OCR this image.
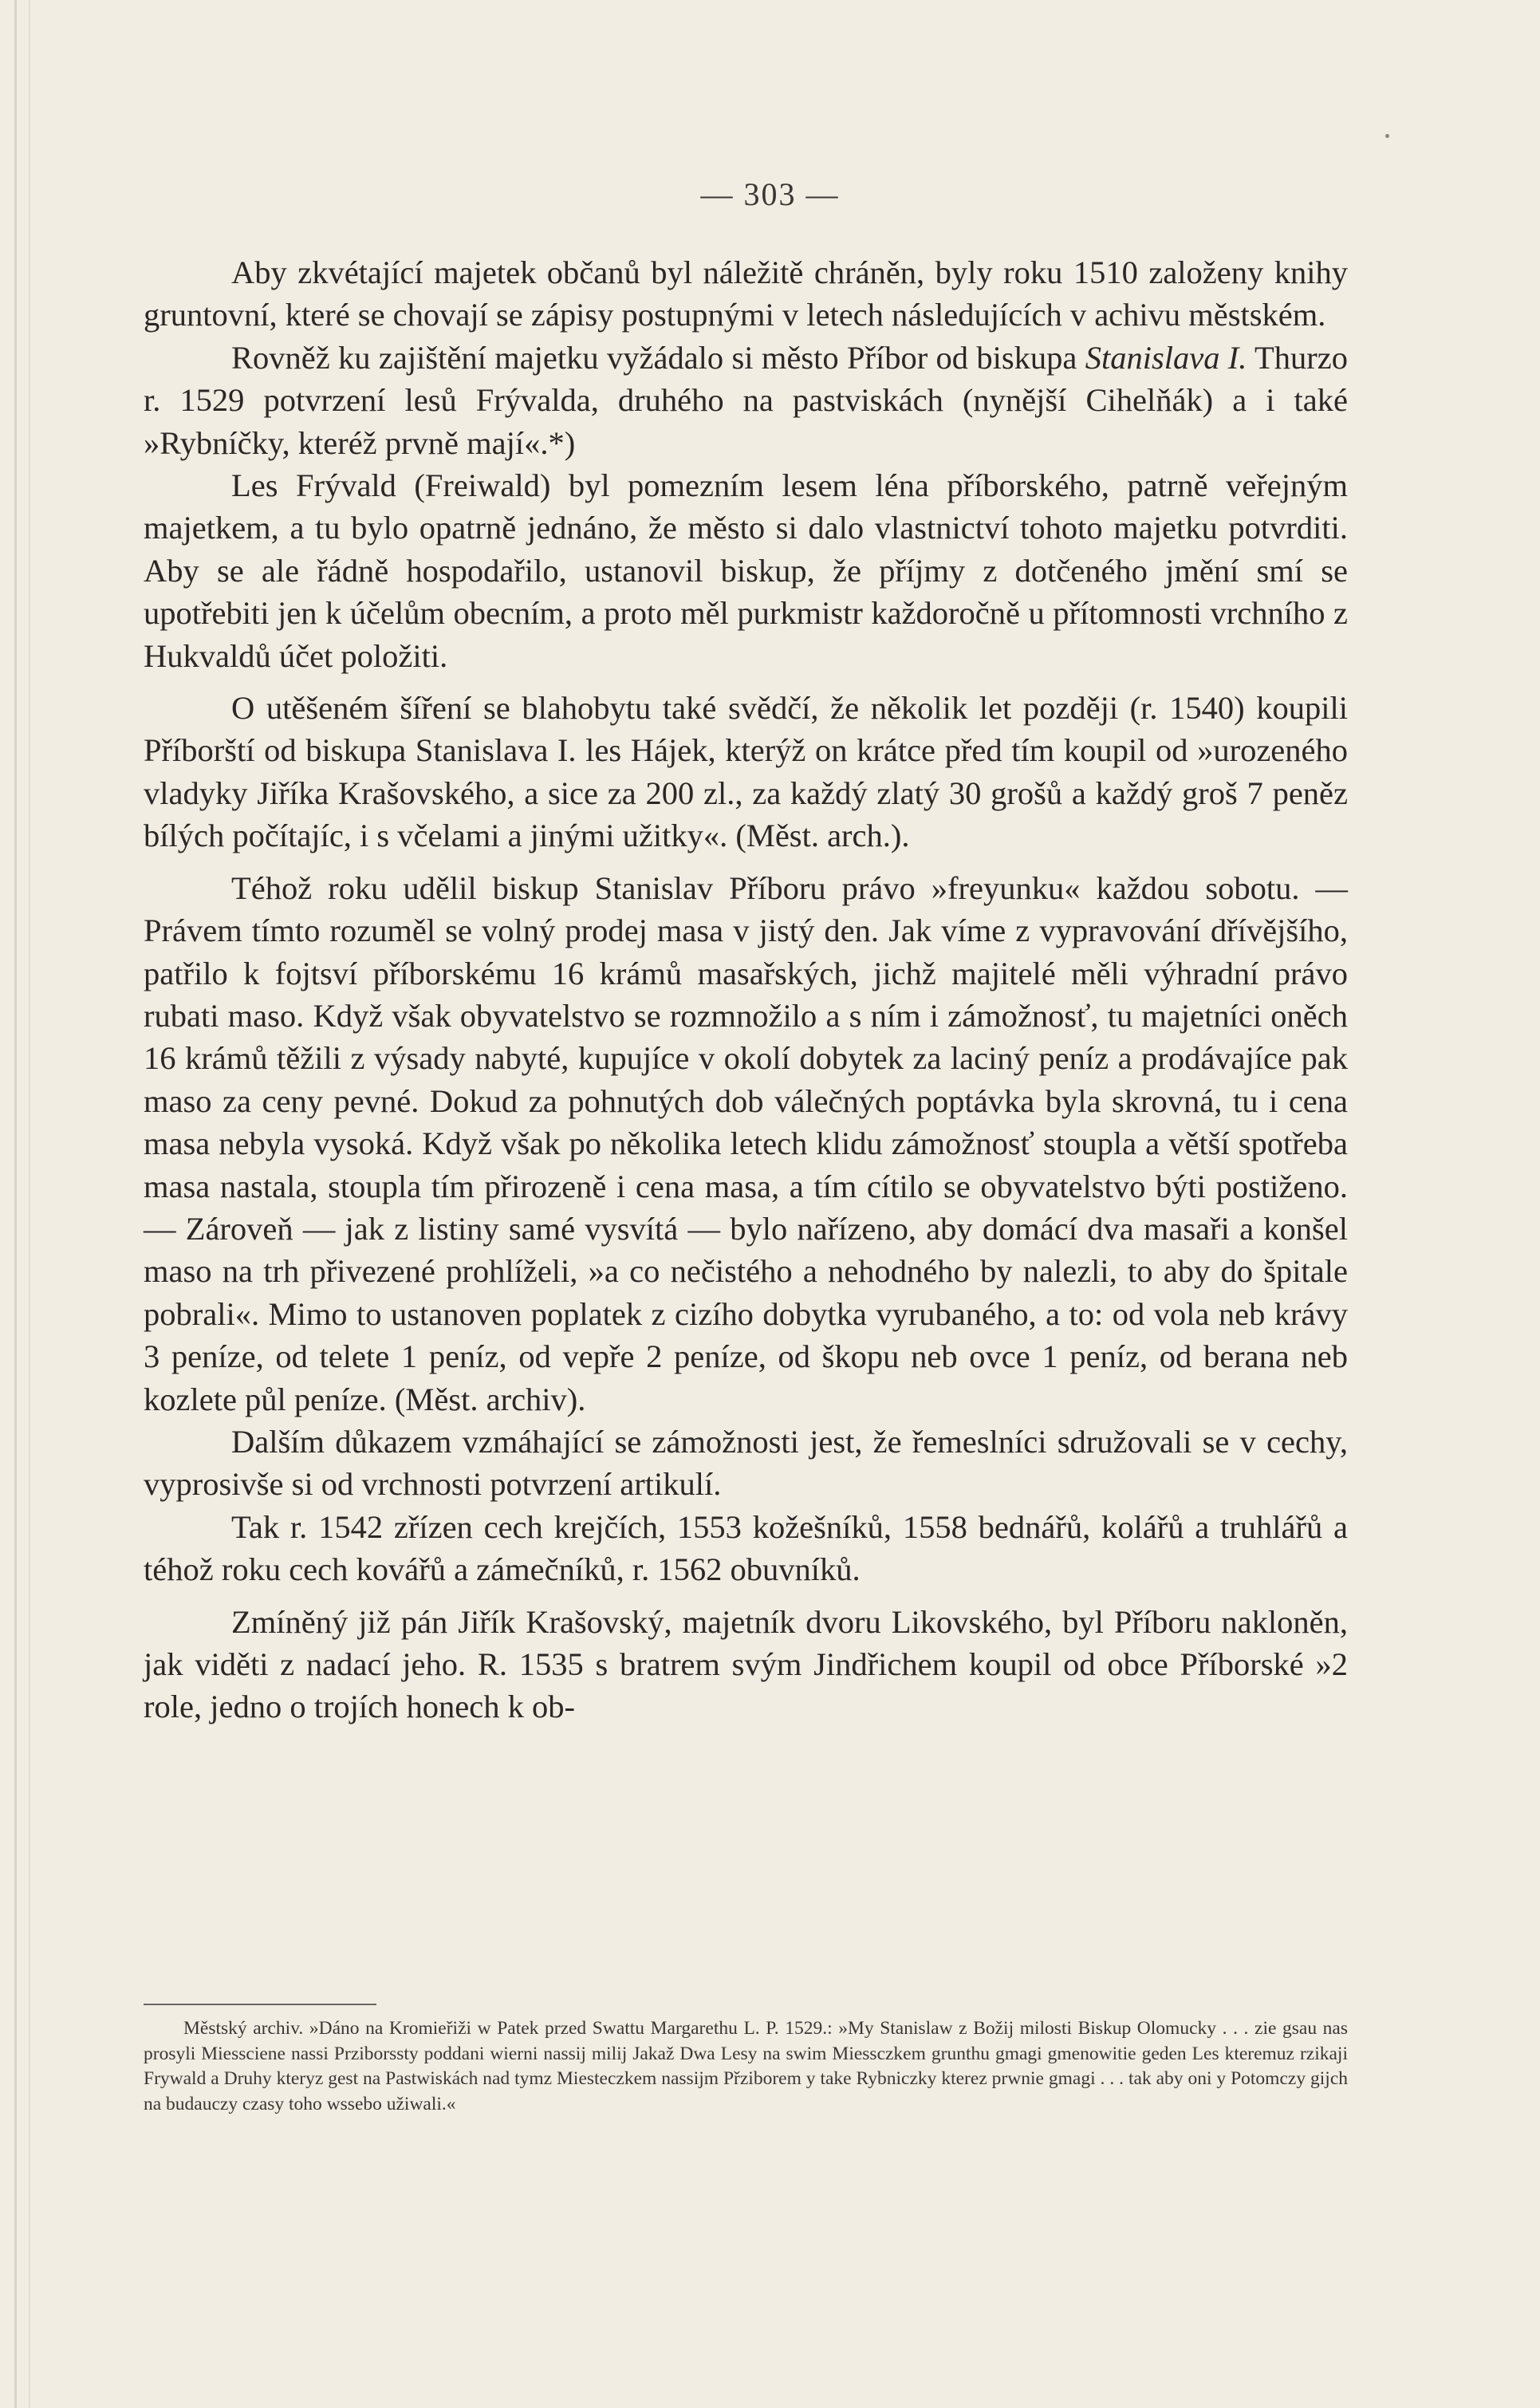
— 303 —

Aby zkvétající majetek občanů byl náležitě chráněn, byly roku 1510 založeny knihy gruntovní, které se chovají se zápisy postupnými v letech následujících v achivu městském.

Rovněž ku zajištění majetku vyžádalo si město Příbor od biskupa Stanislava I. Thurzo r. 1529 potvrzení lesů Frývalda, druhého na pastviskách (nynější Cihelňák) a i také »Rybníčky, kteréž prvně mají«.*)

Les Frývald (Freiwald) byl pomezním lesem léna příborského, patrně veřejným majetkem, a tu bylo opatrně jednáno, že město si dalo vlastnictví tohoto majetku potvrditi. Aby se ale řádně hospodařilo, ustanovil biskup, že příjmy z dotčeného jmění smí se upotřebiti jen k účelům obecním, a proto měl purkmistr každoročně u přítomnosti vrchního z Hukvaldů účet položiti.

O utěšeném šíření se blahobytu také svědčí, že několik let později (r. 1540) koupili Příborští od biskupa Stanislava I. les Hájek, kterýž on krátce před tím koupil od »urozeného vladyky Jiříka Krašovského, a sice za 200 zl., za každý zlatý 30 grošů a každý groš 7 peněz bílých počítajíc, i s včelami a jinými užitky«. (Měst. arch.).

Téhož roku udělil biskup Stanislav Příboru právo »freyunku« každou sobotu. — Právem tímto rozuměl se volný prodej masa v jistý den. Jak víme z vypravování dřívějšího, patřilo k fojtsví příborskému 16 krámů masařských, jichž majitelé měli výhradní právo rubati maso. Když však obyvatelstvo se rozmnožilo a s ním i zámožnosť, tu majetníci oněch 16 krámů těžili z výsady nabyté, kupujíce v okolí dobytek za laciný peníz a prodávajíce pak maso za ceny pevné. Dokud za pohnutých dob válečných poptávka byla skrovná, tu i cena masa nebyla vysoká. Když však po několika letech klidu zámožnosť stoupla a větší spotřeba masa nastala, stoupla tím přirozeně i cena masa, a tím cítilo se obyvatelstvo býti postiženo. — Zároveň — jak z listiny samé vysvítá — bylo nařízeno, aby domácí dva masaři a konšel maso na trh přivezené prohlíželi, »a co nečistého a nehodného by nalezli, to aby do špitale pobrali«. Mimo to ustanoven poplatek z cizího dobytka vyrubaného, a to: od vola neb krávy 3 peníze, od telete 1 peníz, od vepře 2 peníze, od škopu neb ovce 1 peníz, od berana neb kozlete půl peníze. (Měst. archiv).

Dalším důkazem vzmáhající se zámožnosti jest, že řemeslníci sdružovali se v cechy, vyprosivše si od vrchnosti potvrzení artikulí.

Tak r. 1542 zřízen cech krejčích, 1553 kožešníků, 1558 bednářů, kolářů a truhlářů a téhož roku cech kovářů a zámečníků, r. 1562 obuvníků.

Zmíněný již pán Jiřík Krašovský, majetník dvoru Likovského, byl Příboru nakloněn, jak viděti z nadací jeho. R. 1535 s bratrem svým Jindřichem koupil od obce Příborské »2 role, jedno o trojích honech k ob-

Městský archiv. »Dáno na Kromieřiži w Patek przed Swattu Margarethu L. P. 1529.: »My Stanislaw z Božij milosti Biskup Olomucky . . . zie gsau nas prosyli Miessciene nassi Prziborssty poddani wierni nassij milij Jakaž Dwa Lesy na swim Miessczkem grunthu gmagi gmenowitie geden Les kteremuz rzikaji Frywald a Druhy kteryz gest na Pastwiskách nad tymz Miesteczkem nassijm Přziborem y take Rybniczky kterez prwnie gmagi . . . tak aby oni y Potomczy gijch na budauczy czasy toho wssebo užiwali.«
